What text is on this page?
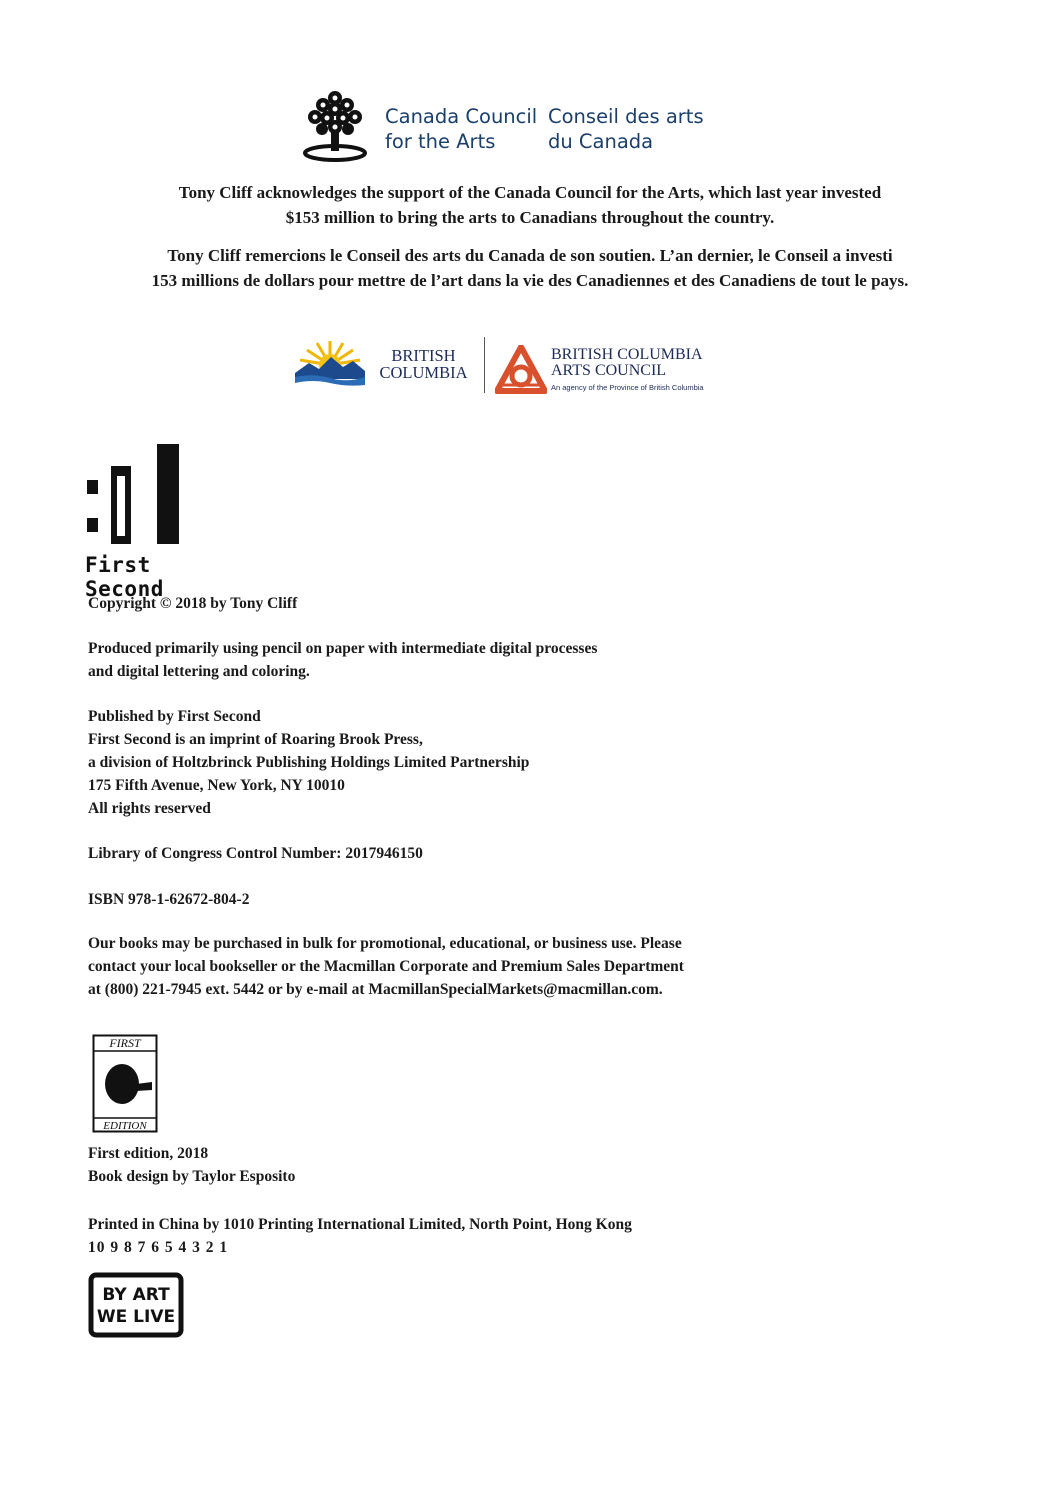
Canada Council
for the Arts
Conseil des arts
du Canada
Tony Cliff acknowledges the support of the Canada Council for the Arts, which last year invested
$153 million to bring the arts to Canadians throughout the country.
Tony Cliff remercions le Conseil des arts du Canada de son soutien. L’an dernier, le Conseil a investi
153 millions de dollars pour mettre de l’art dans la vie des Canadiennes et des Canadiens de tout le pays.
BRITISH
COLUMBIA
BRITISH COLUMBIA
ARTS COUNCIL
An agency of the Province of British Columbia
First Second
Copyright © 2018 by Tony Cliff
Produced primarily using pencil on paper with intermediate digital processes
and digital lettering and coloring.
Published by First Second
First Second is an imprint of Roaring Brook Press,
a division of Holtzbrinck Publishing Holdings Limited Partnership
175 Fifth Avenue, New York, NY 10010
All rights reserved
Library of Congress Control Number: 2017946150
ISBN 978-1-62672-804-2
Our books may be purchased in bulk for promotional, educational, or business use. Please
contact your local bookseller or the Macmillan Corporate and Premium Sales Department
at (800) 221-7945 ext. 5442 or by e-mail at MacmillanSpecialMarkets@macmillan.com.
FIRST
EDITION
First edition, 2018
Book design by Taylor Esposito
Printed in China by 1010 Printing International Limited, North Point, Hong Kong
10 9 8 7 6 5 4 3 2 1
BY ART
WE LIVE
